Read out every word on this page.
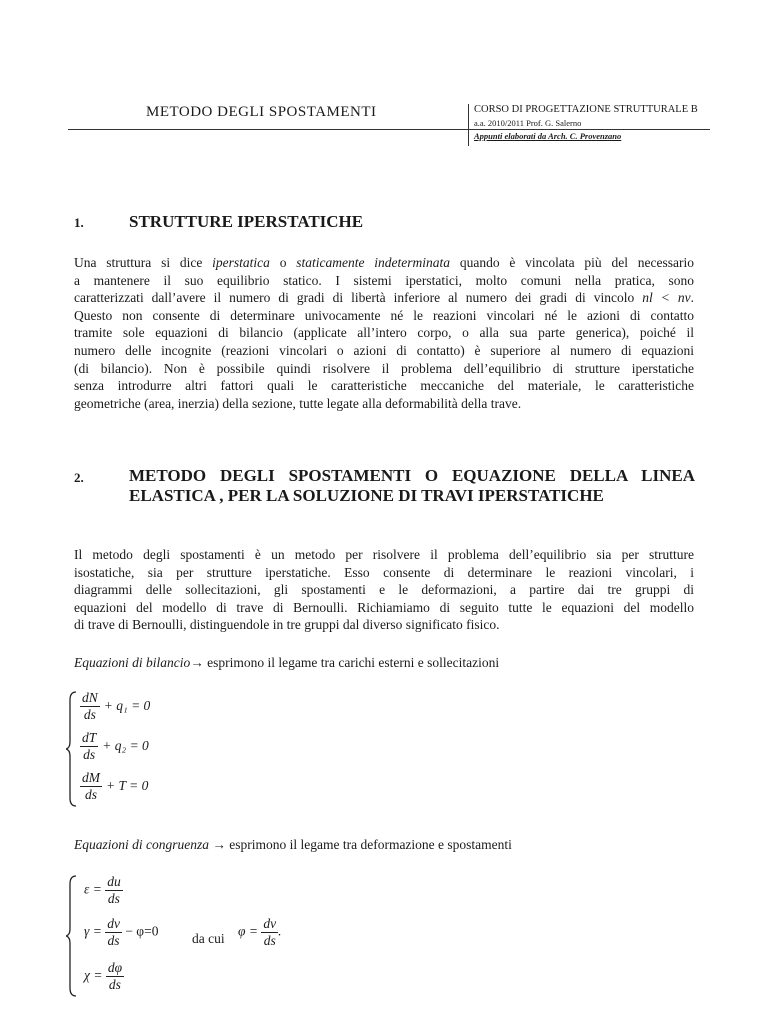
METODO DEGLI SPOSTAMENTI	CORSO DI PROGETTAZIONE STRUTTURALE B
a.a. 2010/2011 Prof. G. Salerno
Appunti elaborati da Arch. C. Provenzano
1.	STRUTTURE IPERSTATICHE
Una struttura si dice iperstatica o staticamente indeterminata quando è vincolata più del necessario
a mantenere il suo equilibrio statico. I sistemi iperstatici, molto comuni nella pratica, sono
caratterizzati dall’avere il numero di gradi di libertà inferiore al numero dei gradi di vincolo nl < nv.
Questo non consente di determinare univocamente né le reazioni vincolari né le azioni di contatto
tramite sole equazioni di bilancio (applicate all’intero corpo, o alla sua parte generica), poiché il
numero delle incognite (reazioni vincolari o azioni di contatto) è superiore al numero di equazioni
(di bilancio). Non è possibile quindi risolvere il problema dell’equilibrio di strutture iperstatiche
senza introdurre altri fattori quali le caratteristiche meccaniche del materiale, le caratteristiche
geometriche (area, inerzia) della sezione, tutte legate alla deformabilità della trave.
2.	METODO DEGLI SPOSTAMENTI O EQUAZIONE DELLA LINEA
ELASTICA , PER LA SOLUZIONE DI TRAVI IPERSTATICHE
Il metodo degli spostamenti è un metodo per risolvere il problema dell’equilibrio sia per strutture
isostatiche, sia per strutture iperstatiche. Esso consente di determinare le reazioni vincolari, i
diagrammi delle sollecitazioni, gli spostamenti e le deformazioni, a partire dai tre gruppi di
equazioni del modello di trave di Bernoulli. Richiamiamo di seguito tutte le equazioni del modello
di trave di Bernoulli, distinguendole in tre gruppi dal diverso significato fisico.
Equazioni di bilancio→ esprimono il legame tra carichi esterni e sollecitazioni
$\frac{dN}{ds} + q_1 = 0$
$\frac{dT}{ds} + q_2 = 0$
$\frac{dM}{ds} + T = 0$
Equazioni di congruenza → esprimono il legame tra deformazione e spostamenti
$\varepsilon = \frac{du}{ds}$
$\gamma = \frac{dv}{ds} - \varphi=0$ da cui $\varphi = \frac{dv}{ds}$ .
$\chi = \frac{d\varphi}{ds}$
